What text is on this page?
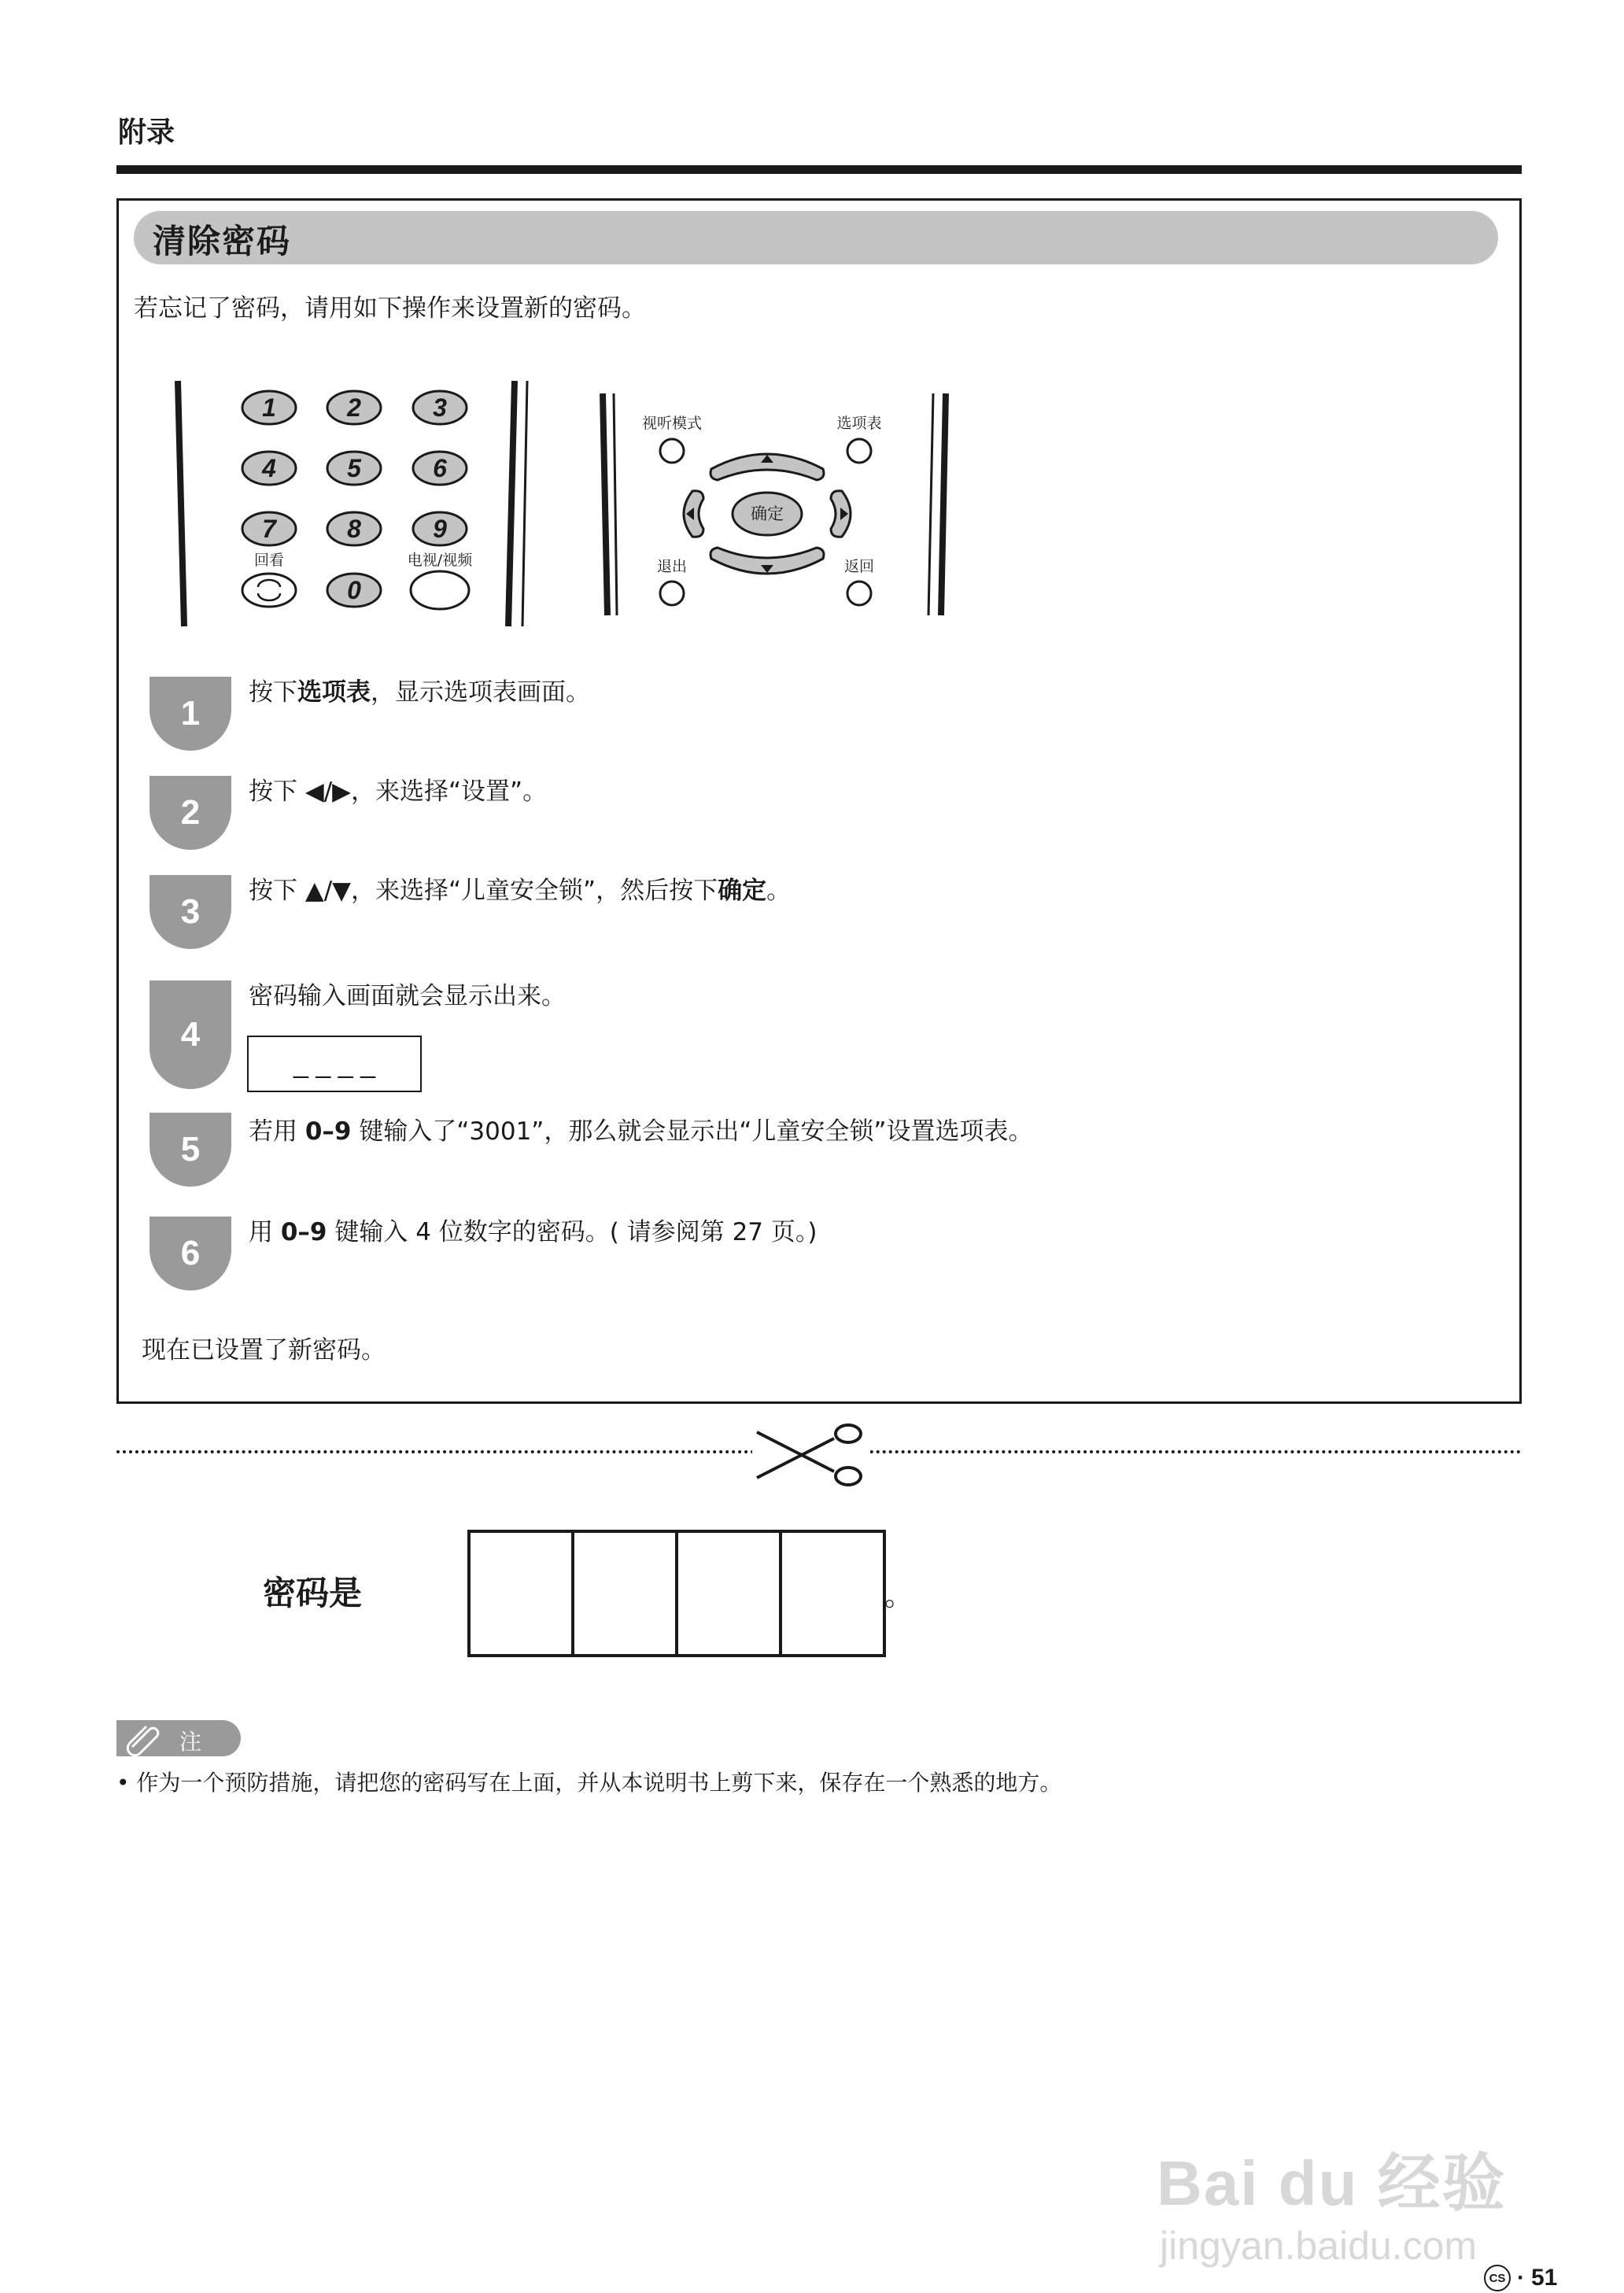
附录
清除密码
若忘记了密码，请用如下操作来设置新的密码。
1	2	3
4	5	6
7	8	9
0
回看	电视/视频
视听模式	选项表
确定
退出	返回
1
按下选项表，显示选项表画面。
2
按下 ◀/▶，来选择“设置”。
3
按下 ▲/▼，来选择“儿童安全锁”，然后按下确定。
4
密码输入画面就会显示出来。
_ _ _ _
5	若用 0–9 键输入了“3001”，那么就会显示出“儿童安全锁”设置选项表。
6
用 0–9 键输入 4 位数字的密码。( 请参阅第 27 页。)
现在已设置了新密码。
密码是	。
注
• 作为一个预防措施，请把您的密码写在上面，并从本说明书上剪下来，保存在一个熟悉的地方。
Bai du 经验
jingyan.baidu.com
CS · 51
